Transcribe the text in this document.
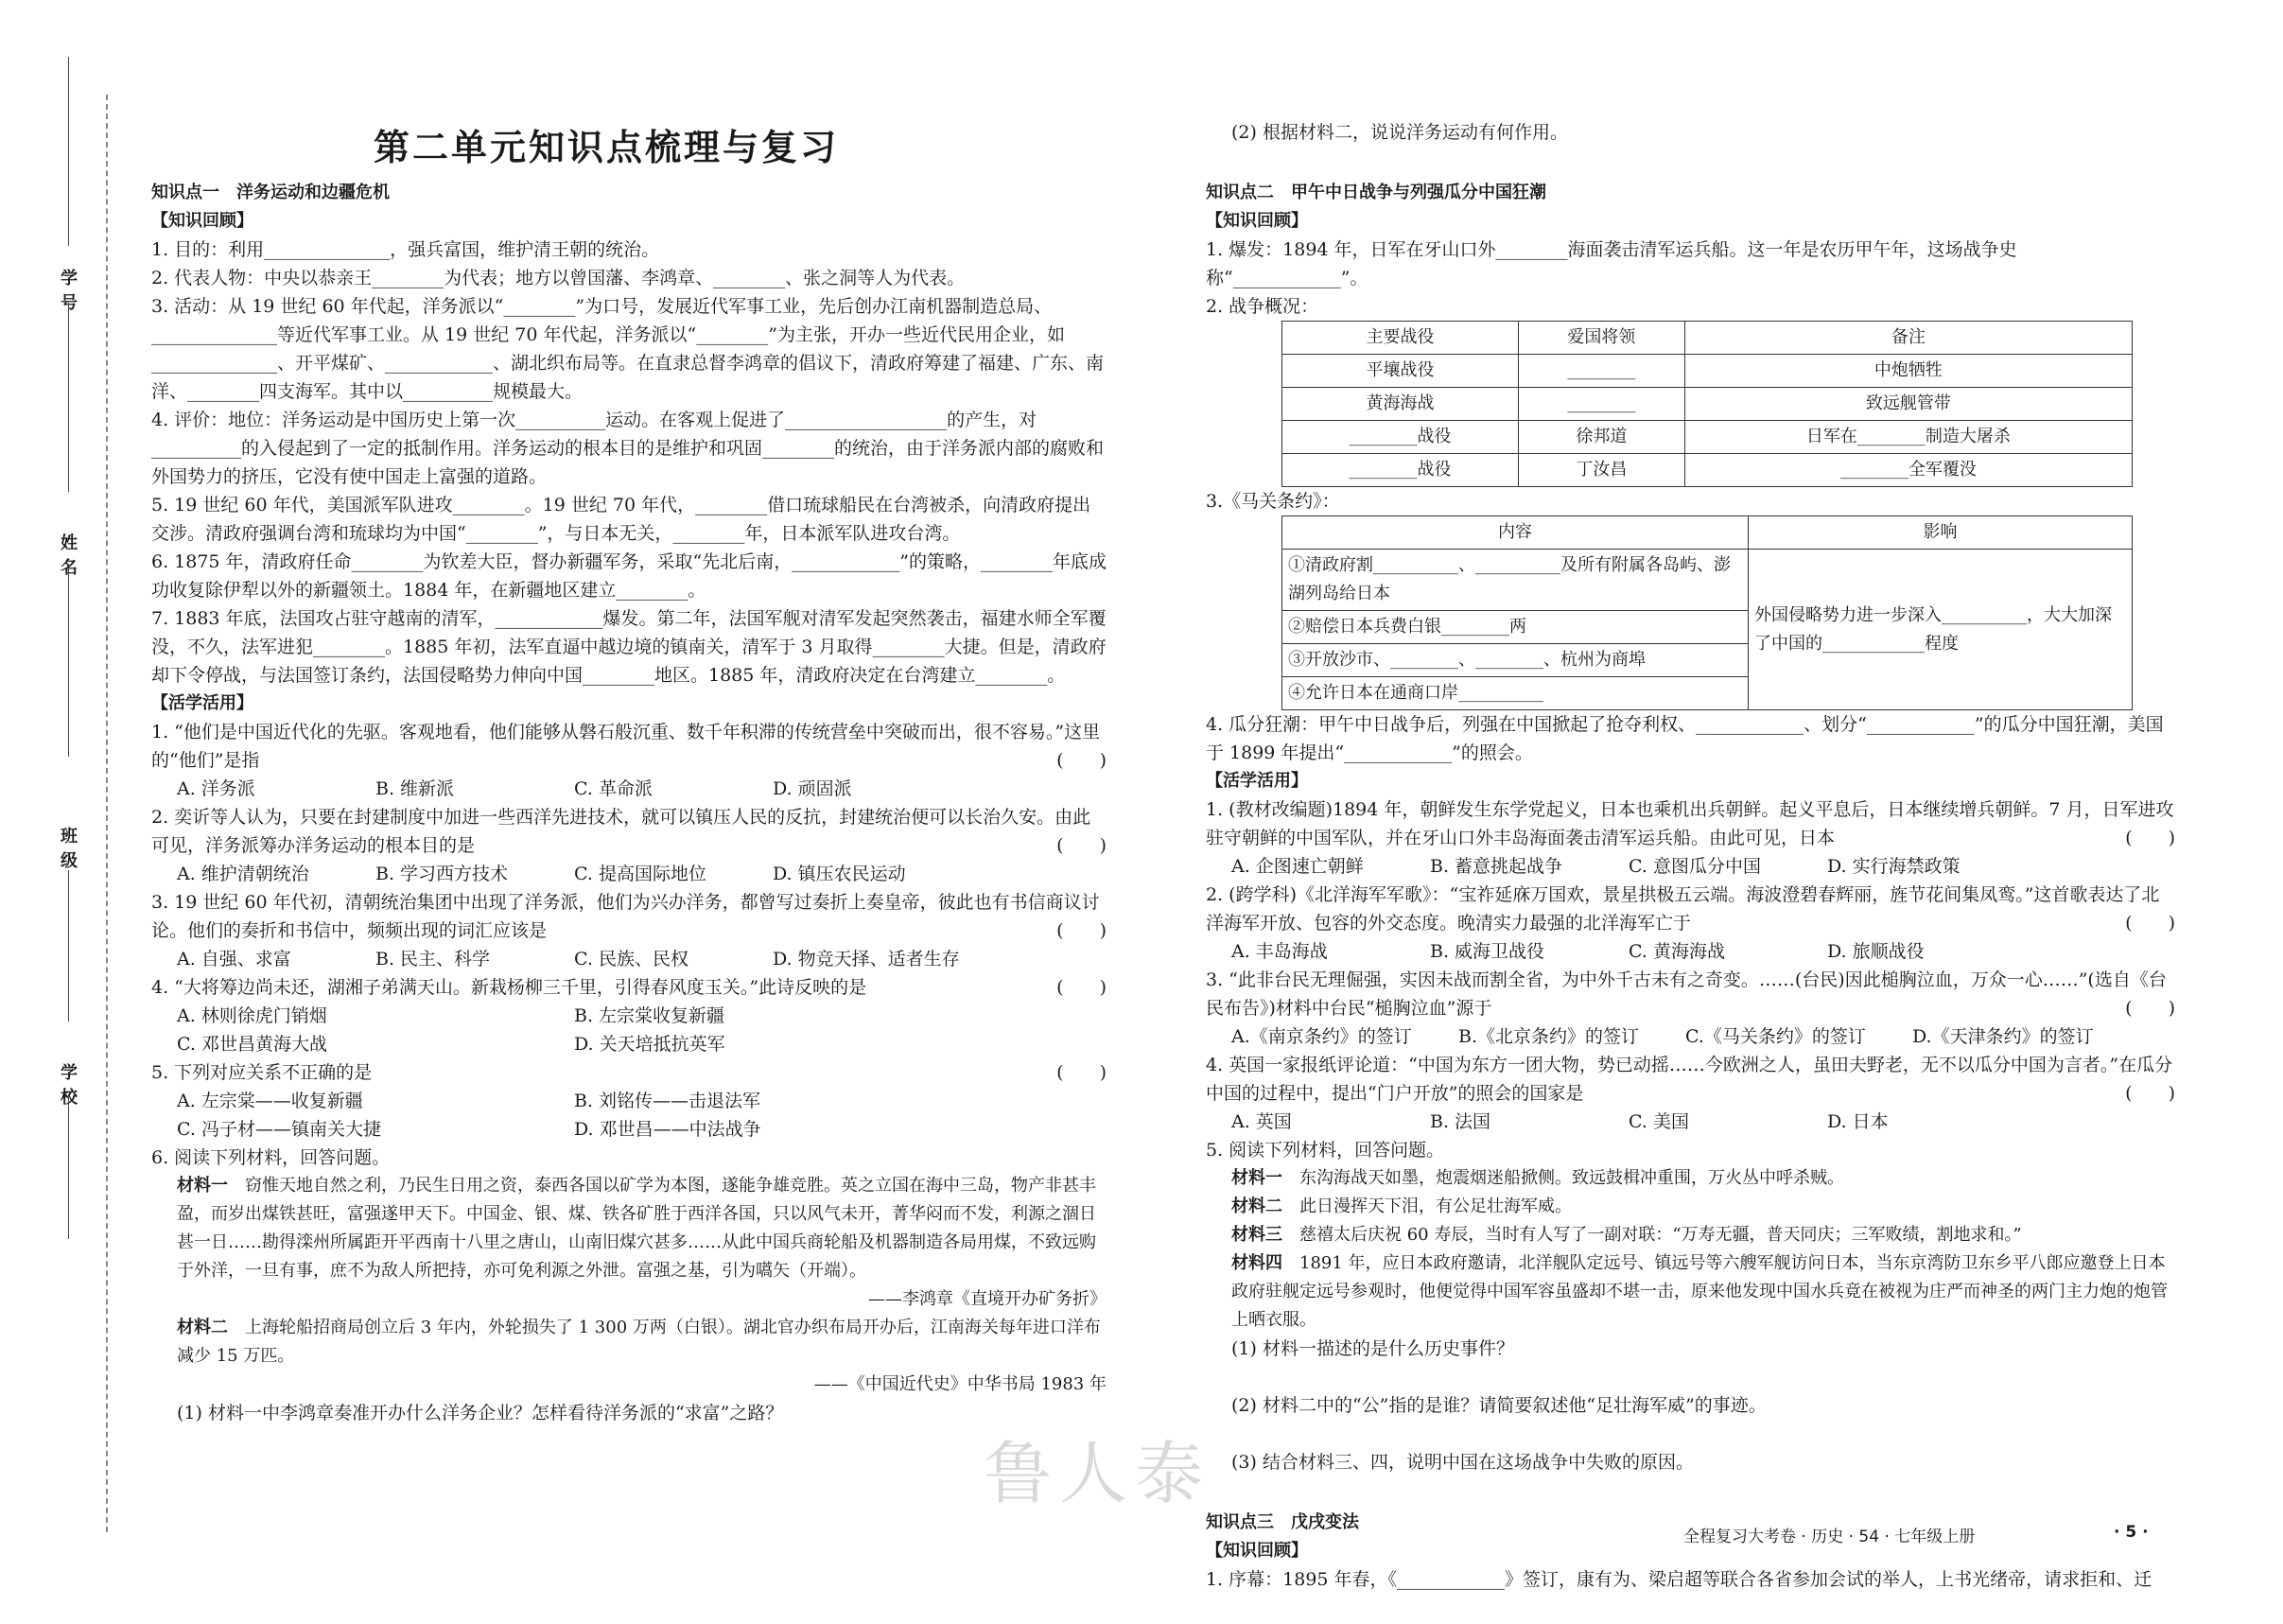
学号
姓名
班级
学校
第二单元知识点梳理与复习

知识点一　洋务运动和边疆危机

【知识回顾】

1. 目的：利用______________，强兵富国，维护清王朝的统治。

2. 代表人物：中央以恭亲王________为代表；地方以曾国藩、李鸿章、________、张之洞等人为代表。

3. 活动：从 19 世纪 60 年代起，洋务派以“________”为口号，发展近代军事工业，先后创办江南机器制造总局、______________等近代军事工业。从 19 世纪 70 年代起，洋务派以“________”为主张，开办一些近代民用企业，如______________、开平煤矿、____________、湖北织布局等。在直隶总督李鸿章的倡议下，清政府筹建了福建、广东、南洋、________四支海军。其中以__________规模最大。

4. 评价：地位：洋务运动是中国历史上第一次__________运动。在客观上促进了__________________的产生，对__________的入侵起到了一定的抵制作用。洋务运动的根本目的是维护和巩固________的统治，由于洋务派内部的腐败和外国势力的挤压，它没有使中国走上富强的道路。

5. 19 世纪 60 年代，美国派军队进攻________。19 世纪 70 年代，________借口琉球船民在台湾被杀，向清政府提出交涉。清政府强调台湾和琉球均为中国“________”，与日本无关，________年，日本派军队进攻台湾。

6. 1875 年，清政府任命________为钦差大臣，督办新疆军务，采取“先北后南，____________”的策略，________年底成功收复除伊犁以外的新疆领土。1884 年，在新疆地区建立________。

7. 1883 年底，法国攻占驻守越南的清军，____________爆发。第二年，法国军舰对清军发起突然袭击，福建水师全军覆没，不久，法军进犯________。1885 年初，法军直逼中越边境的镇南关，清军于 3 月取得________大捷。但是，清政府却下令停战，与法国签订条约，法国侵略势力伸向中国________地区。1885 年，清政府决定在台湾建立________。

【活学活用】

1. “他们是中国近代化的先驱。客观地看，他们能够从磐石般沉重、数千年积滞的传统营垒中突破而出，很不容易。”这里的“他们”是指	(　　)

A. 洋务派	B. 维新派	C. 革命派	D. 顽固派

2. 奕䜣等人认为，只要在封建制度中加进一些西洋先进技术，就可以镇压人民的反抗，封建统治便可以长治久安。由此可见，洋务派筹办洋务运动的根本目的是	(　　)

A. 维护清朝统治	B. 学习西方技术	C. 提高国际地位	D. 镇压农民运动

3. 19 世纪 60 年代初，清朝统治集团中出现了洋务派，他们为兴办洋务，都曾写过奏折上奏皇帝，彼此也有书信商议讨论。他们的奏折和书信中，频频出现的词汇应该是	(　　)

A. 自强、求富	B. 民主、科学	C. 民族、民权	D. 物竞天择、适者生存

4. “大将筹边尚未还，湖湘子弟满天山。新栽杨柳三千里，引得春风度玉关。”此诗反映的是	(　　)

A. 林则徐虎门销烟	B. 左宗棠收复新疆
C. 邓世昌黄海大战	D. 关天培抵抗英军

5. 下列对应关系不正确的是	(　　)

A. 左宗棠——收复新疆	B. 刘铭传——击退法军
C. 冯子材——镇南关大捷	D. 邓世昌——中法战争

6. 阅读下列材料，回答问题。

材料一　 窃惟天地自然之利，乃民生日用之资，泰西各国以矿学为本图，遂能争雄竞胜。英之立国在海中三岛，物产非甚丰盈，而岁出煤铁甚旺，富强遂甲天下。中国金、银、煤、铁各矿胜于西洋各国，只以风气未开，菁华闷而不发，利源之涸日甚一日……勘得滦州所属距开平西南十八里之唐山，山南旧煤穴甚多……从此中国兵商轮船及机器制造各局用煤，不致远购于外洋，一旦有事，庶不为敌人所把持，亦可免利源之外泄。富强之基，引为嚆矢（开端）。

——李鸿章《直境开办矿务折》

材料二　 上海轮船招商局创立后 3 年内，外轮损失了 1 300 万两（白银）。湖北官办织布局开办后，江南海关每年进口洋布减少 15 万匹。

——《中国近代史》中华书局 1983 年

(1) 材料一中李鸿章奏准开办什么洋务企业？怎样看待洋务派的“求富”之路？

(2) 根据材料二，说说洋务运动有何作用。

知识点二　甲午中日战争与列强瓜分中国狂潮

【知识回顾】

1. 爆发：1894 年，日军在牙山口外________海面袭击清军运兵船。这一年是农历甲午年，这场战争史称“____________”。

2. 战争概况：

主要战役	爱国将领	备注
平壤战役	________	中炮牺牲
黄海海战	________	致远舰管带
________战役	徐邦道	日军在________制造大屠杀
________战役	丁汝昌	________全军覆没

3.《马关条约》：

内容	影响
①清政府割__________、__________及所有附属各岛屿、澎湖列岛给日本	外国侵略势力进一步深入__________，大大加深了中国的____________程度
②赔偿日本兵费白银________两	
③开放沙市、________、________、杭州为商埠	
④允许日本在通商口岸__________	

4. 瓜分狂潮：甲午中日战争后，列强在中国掀起了抢夺利权、____________、划分“____________”的瓜分中国狂潮，美国于 1899 年提出“____________”的照会。

【活学活用】

1. (教材改编题)1894 年，朝鲜发生东学党起义，日本也乘机出兵朝鲜。起义平息后，日本继续增兵朝鲜。7 月，日军进攻驻守朝鲜的中国军队，并在牙山口外丰岛海面袭击清军运兵船。由此可见，日本	(　　)

A. 企图速亡朝鲜	B. 蓄意挑起战争	C. 意图瓜分中国	D. 实行海禁政策

2. (跨学科)《北洋海军军歌》：“宝祚延庥万国欢，景星拱极五云端。海波澄碧春辉丽，旌节花间集凤鸾。”这首歌表达了北洋海军开放、包容的外交态度。晚清实力最强的北洋海军亡于	(　　)

A. 丰岛海战	B. 威海卫战役	C. 黄海海战	D. 旅顺战役

3. “此非台民无理倔强，实因未战而割全省，为中外千古未有之奇变。……(台民)因此槌胸泣血，万众一心……”(选自《台民布告》)材料中台民“槌胸泣血”源于	(　　)

A.《南京条约》的签订	B.《北京条约》的签订	C.《马关条约》的签订	D.《天津条约》的签订

4. 英国一家报纸评论道：“中国为东方一团大物，势已动摇……今欧洲之人，虽田夫野老，无不以瓜分中国为言者。”在瓜分中国的过程中，提出“门户开放”的照会的国家是	(　　)

A. 英国	B. 法国	C. 美国	D. 日本

5. 阅读下列材料，回答问题。

材料一　 东沟海战天如墨，炮震烟迷船掀侧。致远鼓楫冲重围，万火丛中呼杀贼。

材料二　 此日漫挥天下泪，有公足壮海军威。

材料三　 慈禧太后庆祝 60 寿辰，当时有人写了一副对联：“万寿无疆，普天同庆；三军败绩，割地求和。”

材料四　 1891 年，应日本政府邀请，北洋舰队定远号、镇远号等六艘军舰访问日本，当东京湾防卫东乡平八郎应邀登上日本政府驻舰定远号参观时，他便觉得中国军容虽盛却不堪一击，原来他发现中国水兵竟在被视为庄严而神圣的两门主力炮的炮管上晒衣服。

(1) 材料一描述的是什么历史事件？

(2) 材料二中的“公”指的是谁？请简要叙述他“足壮海军威”的事迹。

(3) 结合材料三、四，说明中国在这场战争中失败的原因。

知识点三　戊戌变法

【知识回顾】

1. 序幕：1895 年春，《____________》签订，康有为、梁启超等联合各省参加会试的举人，上书光绪帝，请求拒和、迁

鲁人泰
全程复习大考卷 · 历史 · 54 · 七年级上册	· 5 ·
